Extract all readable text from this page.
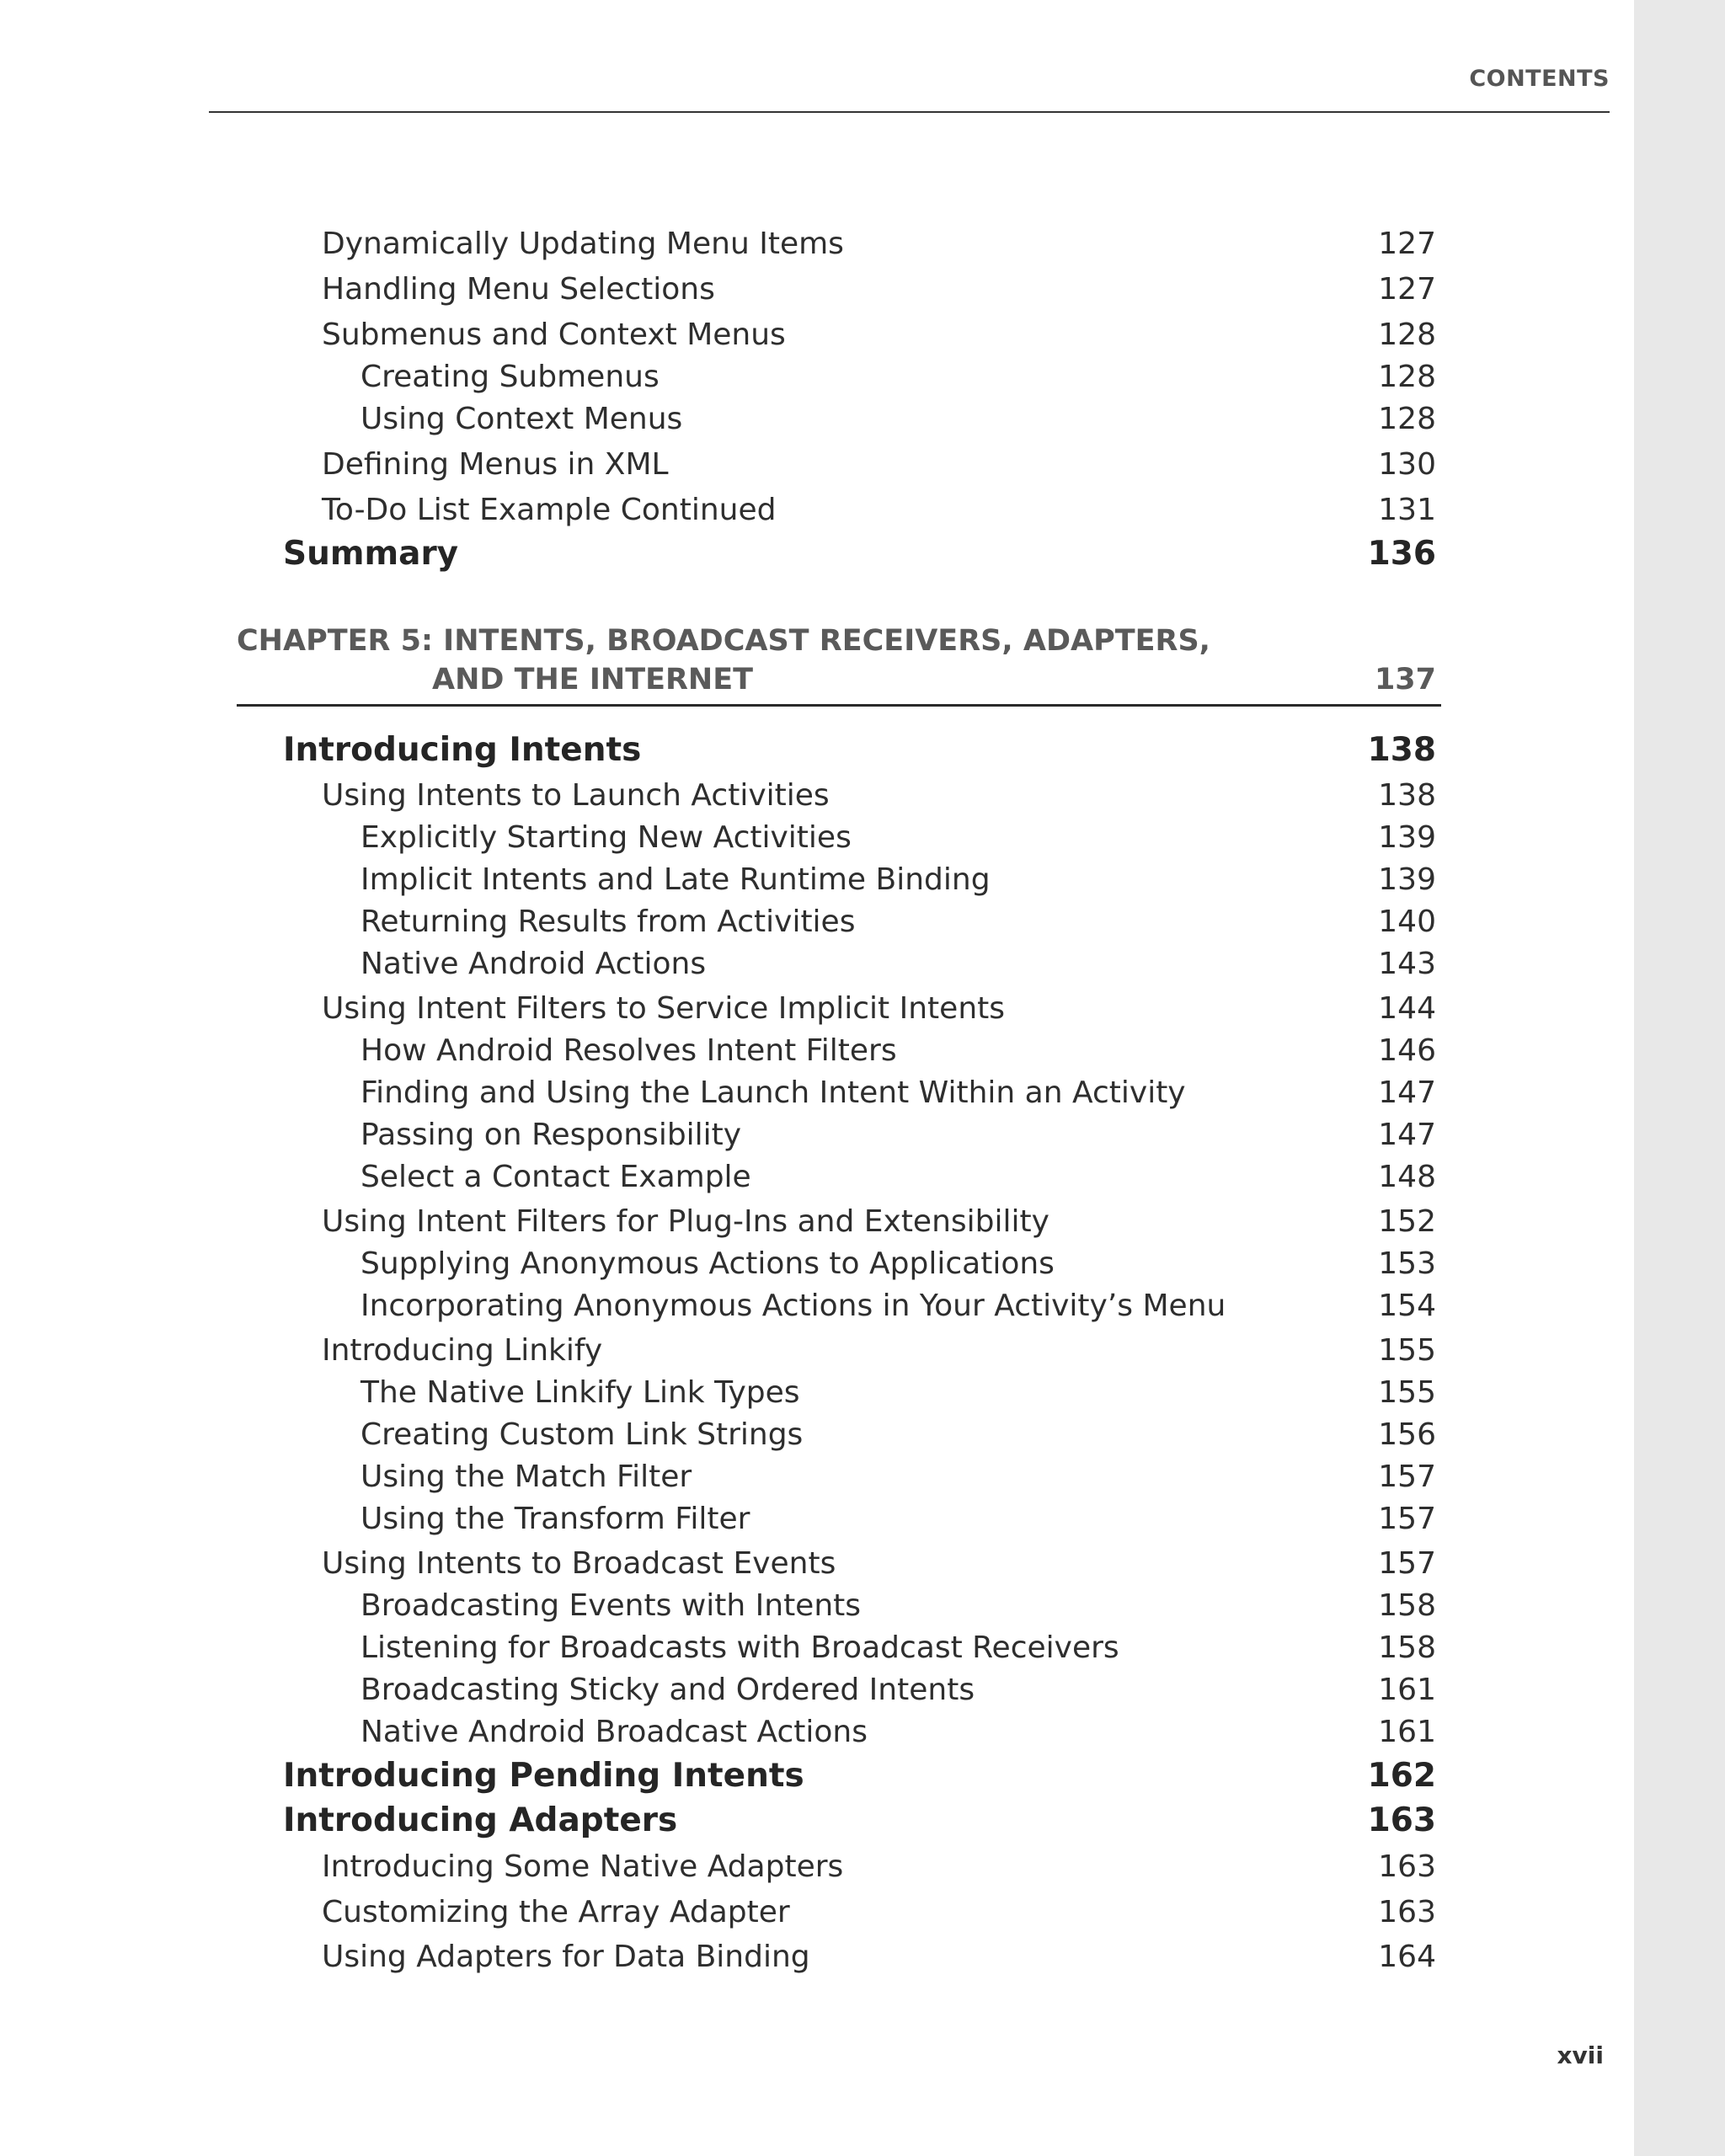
CONTENTS
Dynamically Updating Menu Items	127
Handling Menu Selections	127
Submenus and Context Menus	128
Creating Submenus	128
Using Context Menus	128
Defining Menus in XML	130
To-Do List Example Continued	131
Summary	136
CHAPTER 5: INTENTS, BROADCAST RECEIVERS, ADAPTERS,
AND THE INTERNET	137
Introducing Intents	138
Using Intents to Launch Activities	138
Explicitly Starting New Activities	139
Implicit Intents and Late Runtime Binding	139
Returning Results from Activities	140
Native Android Actions	143
Using Intent Filters to Service Implicit Intents	144
How Android Resolves Intent Filters	146
Finding and Using the Launch Intent Within an Activity	147
Passing on Responsibility	147
Select a Contact Example	148
Using Intent Filters for Plug-Ins and Extensibility	152
Supplying Anonymous Actions to Applications	153
Incorporating Anonymous Actions in Your Activity’s Menu	154
Introducing Linkify	155
The Native Linkify Link Types	155
Creating Custom Link Strings	156
Using the Match Filter	157
Using the Transform Filter	157
Using Intents to Broadcast Events	157
Broadcasting Events with Intents	158
Listening for Broadcasts with Broadcast Receivers	158
Broadcasting Sticky and Ordered Intents	161
Native Android Broadcast Actions	161
Introducing Pending Intents	162
Introducing Adapters	163
Introducing Some Native Adapters	163
Customizing the Array Adapter	163
Using Adapters for Data Binding	164
xvii
